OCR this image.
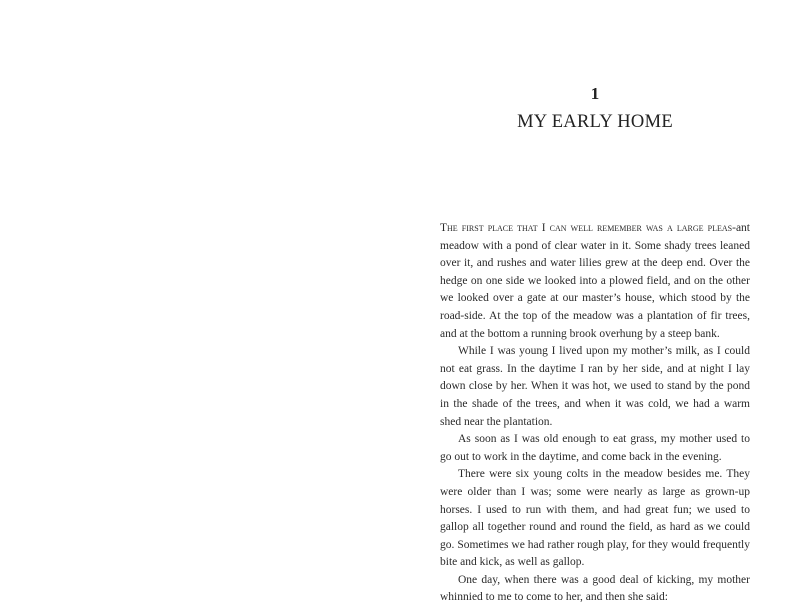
1
MY EARLY HOME

The first place that I can well remember was a large pleas-ant meadow with a pond of clear water in it. Some shady trees leaned over it, and rushes and water lilies grew at the deep end. Over the hedge on one side we looked into a plowed field, and on the other we looked over a gate at our master’s house, which stood by the road-side. At the top of the meadow was a plantation of fir trees, and at the bottom a running brook overhung by a steep bank.

While I was young I lived upon my mother’s milk, as I could not eat grass. In the daytime I ran by her side, and at night I lay down close by her. When it was hot, we used to stand by the pond in the shade of the trees, and when it was cold, we had a warm shed near the plantation.

As soon as I was old enough to eat grass, my mother used to go out to work in the daytime, and come back in the evening.

There were six young colts in the meadow besides me. They were older than I was; some were nearly as large as grown-up horses. I used to run with them, and had great fun; we used to gallop all together round and round the field, as hard as we could go. Sometimes we had rather rough play, for they would frequently bite and kick, as well as gallop.

One day, when there was a good deal of kicking, my mother whinnied to me to come to her, and then she said:
